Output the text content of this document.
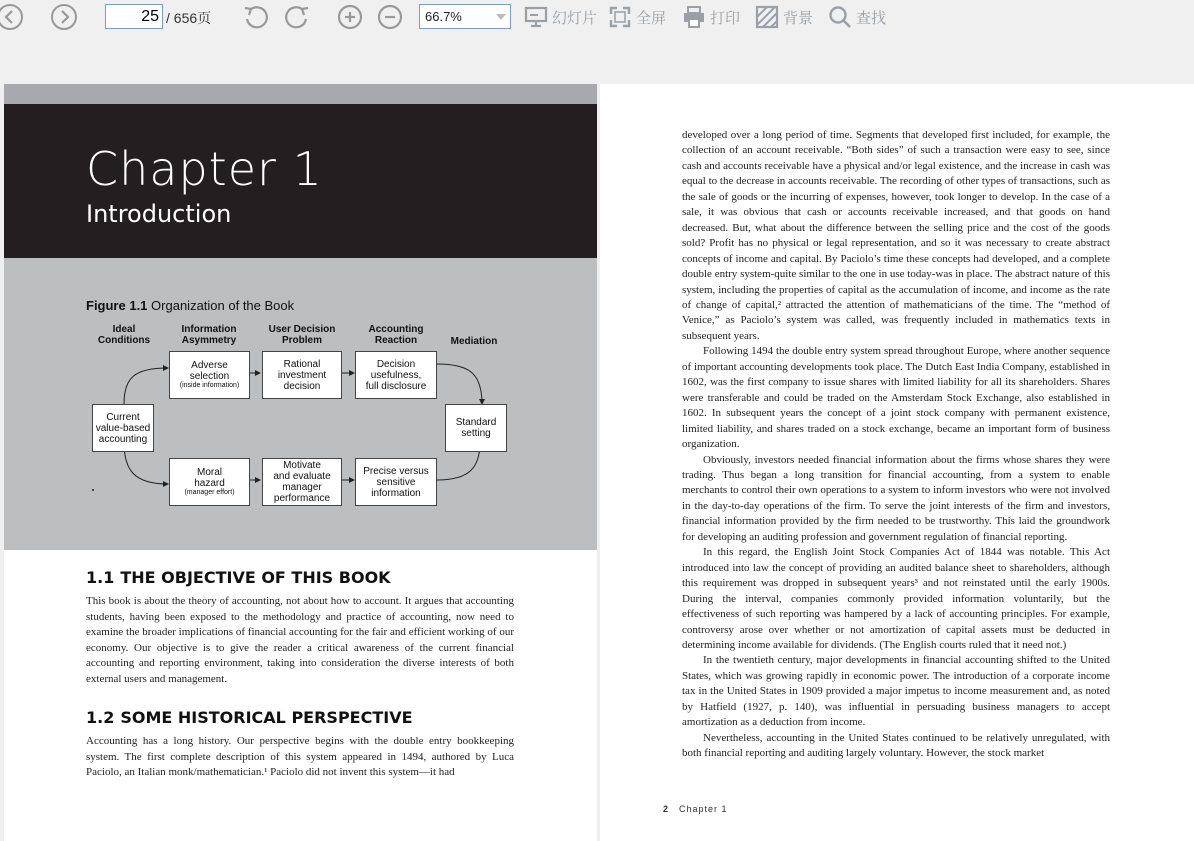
25 / 656页	66.7%	幻灯片	全屏	打印	背景	查找
Chapter 1
Introduction
Figure 1.1 Organization of the Book
Ideal
Conditions
Information
Asymmetry
User Decision
Problem
Accounting
Reaction	Mediation
Current
value-based
accounting
Adverse
selection
(inside information)
Rational
investment
decision
Decision
usefulness,
full disclosure
Standard
setting
Moral
hazard
(manager effort)
Motivate
and evaluate
manager
performance
Precise versus
sensitive
information
1.1 THE OBJECTIVE OF THIS BOOK
This book is about the theory of accounting, not about how to account. It argues that accounting students, having been exposed to the methodology and practice of accounting, now need to examine the broader implications of financial accounting for the fair and efficient working of our economy. Our objective is to give the reader a critical awareness of the current financial accounting and reporting environment, taking into consideration the diverse interests of both external users and management.
1.2 SOME HISTORICAL PERSPECTIVE
Accounting has a long history. Our perspective begins with the double entry bookkeeping system. The first complete description of this system appeared in 1494, authored by Luca Paciolo, an Italian monk/mathematician.¹ Paciolo did not invent this system—it had

developed over a long period of time. Segments that developed first included, for example, the collection of an account receivable. “Both sides” of such a transaction were easy to see, since cash and accounts receivable have a physical and/or legal existence, and the increase in cash was equal to the decrease in accounts receivable. The recording of other types of transactions, such as the sale of goods or the incurring of expenses, however, took longer to develop. In the case of a sale, it was obvious that cash or accounts receivable increased, and that goods on hand decreased. But, what about the difference between the selling price and the cost of the goods sold? Profit has no physical or legal representation, and so it was necessary to create abstract concepts of income and capital. By Paciolo’s time these concepts had developed, and a complete double entry system-quite similar to the one in use today-was in place. The abstract nature of this system, including the properties of capital as the accumulation of income, and income as the rate of change of capital,² attracted the attention of mathematicians of the time. The “method of Venice,” as Paciolo’s system was called, was frequently included in mathematics texts in subsequent years.

Following 1494 the double entry system spread throughout Europe, where another sequence of important accounting developments took place. The Dutch East India Company, established in 1602, was the first company to issue shares with limited liability for all its shareholders. Shares were transferable and could be traded on the Amsterdam Stock Exchange, also established in 1602. In subsequent years the concept of a joint stock company with permanent existence, limited liability, and shares traded on a stock exchange, became an important form of business organization.

Obviously, investors needed financial information about the firms whose shares they were trading. Thus began a long transition for financial accounting, from a system to enable merchants to control their own operations to a system to inform investors who were not involved in the day-to-day operations of the firm. To serve the joint interests of the firm and investors, financial information provided by the firm needed to be trustworthy. This laid the groundwork for developing an auditing profession and government regulation of financial reporting.

In this regard, the English Joint Stock Companies Act of 1844 was notable. This Act introduced into law the concept of providing an audited balance sheet to shareholders, although this requirement was dropped in subsequent years³ and not reinstated until the early 1900s. During the interval, companies commonly provided information voluntarily, but the effectiveness of such reporting was hampered by a lack of accounting principles. For example, controversy arose over whether or not amortization of capital assets must be deducted in determining income available for dividends. (The English courts ruled that it need not.)

In the twentieth century, major developments in financial accounting shifted to the United States, which was growing rapidly in economic power. The introduction of a corporate income tax in the United States in 1909 provided a major impetus to income measurement and, as noted by Hatfield (1927, p. 140), was influential in persuading business managers to accept amortization as a deduction from income.

Nevertheless, accounting in the United States continued to be relatively unregulated, with both financial reporting and auditing largely voluntary. However, the stock market

2 Chapter 1
